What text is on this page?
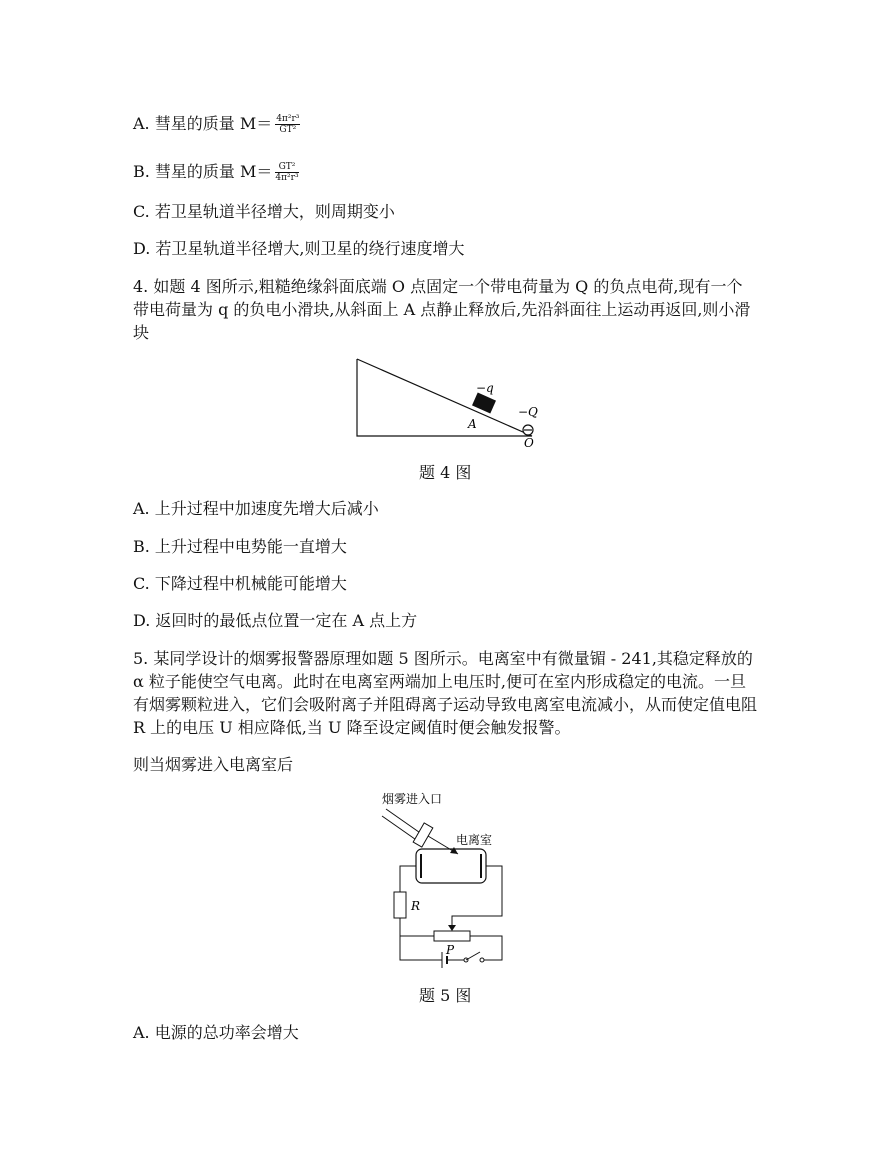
A. 彗星的质量 $M= \frac{\text{4π²r³}}{\text{GT²}}$
B. 彗星的质量 $M= \frac{\text{GT²}}{\text{4π²r³}}$
C. 若卫星轨道半径增大，则周期变小
D. 若卫星轨道半径增大,则卫星的绕行速度增大
4. 如题 4 图所示,粗糙绝缘斜面底端 O 点固定一个带电荷量为 Q 的负点电荷,现有一个带电荷量为 q 的负电小滑块,从斜面上 A 点静止释放后,先沿斜面往上运动再返回,则小滑块
−q
A
−Q
O
题 4 图
A. 上升过程中加速度先增大后减小
B. 上升过程中电势能一直增大
C. 下降过程中机械能可能增大
D. 返回时的最低点位置一定在 A 点上方
5. 某同学设计的烟雾报警器原理如题 5 图所示。电离室中有微量镅 - 241,其稳定释放的 α 粒子能使空气电离。此时在电离室两端加上电压时,便可在室内形成稳定的电流。一旦有烟雾颗粒进入，它们会吸附离子并阻碍离子运动导致电离室电流减小，从而使定值电阻 R 上的电压 U 相应降低,当 U 降至设定阈值时便会触发报警。
则当烟雾进入电离室后
烟雾进入口
电离室
R
P
题 5 图
A. 电源的总功率会增大
